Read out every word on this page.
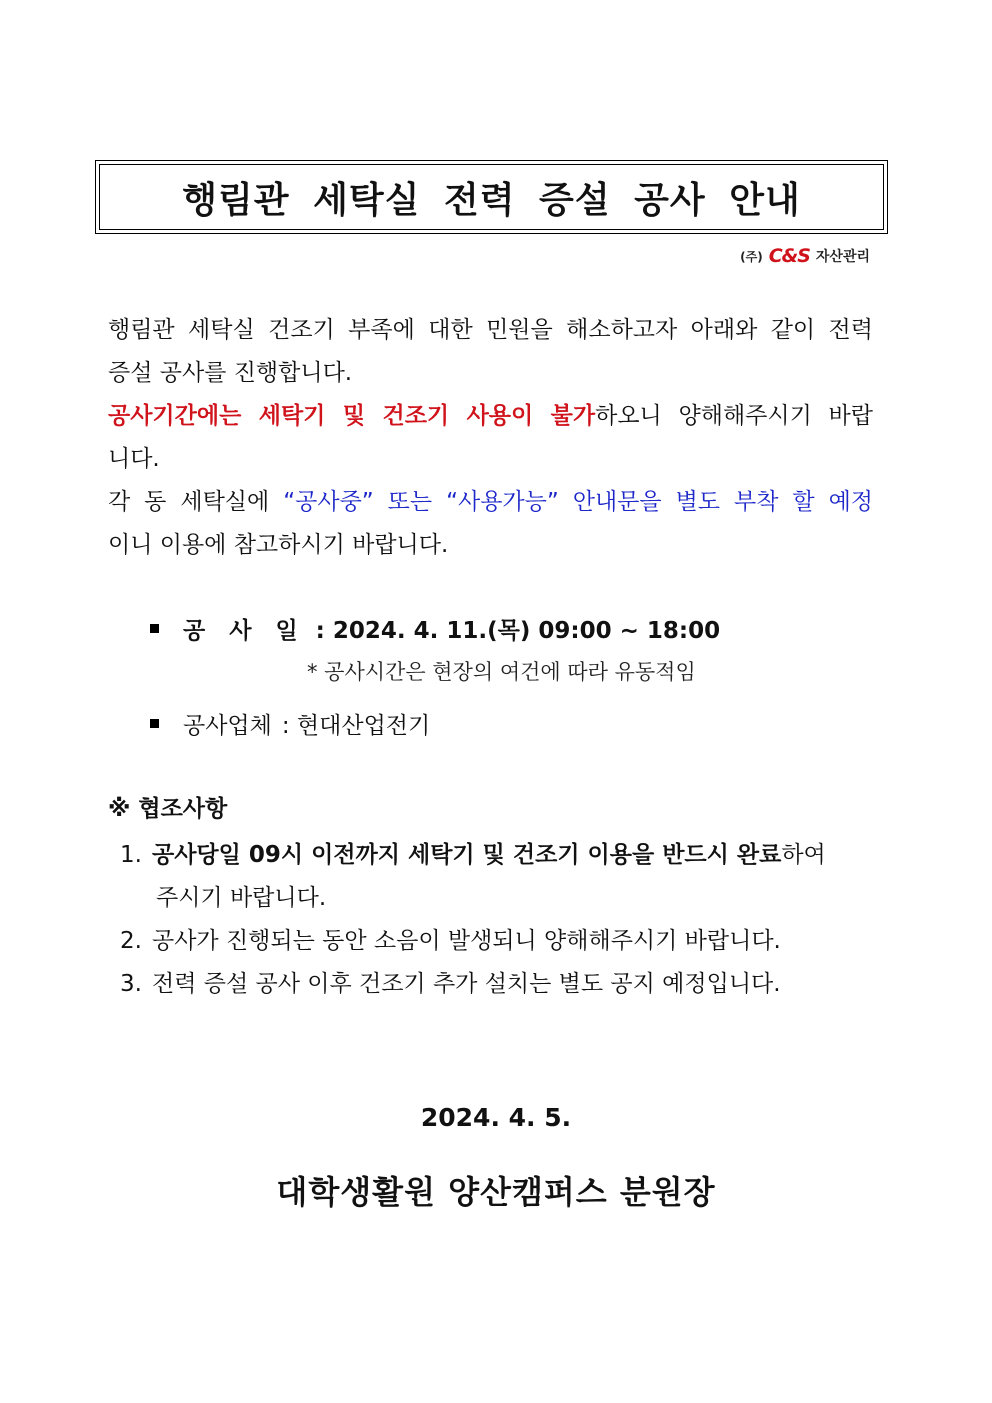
행림관 세탁실 전력 증설 공사 안내
(주) C&S 자산관리
행림관 세탁실 건조기 부족에 대한 민원을 해소하고자 아래와 같이 전력
증설 공사를 진행합니다.
공사기간에는 세탁기 및 건조기 사용이 불가하오니 양해해주시기 바랍
니다.
각 동 세탁실에 “공사중” 또는 “사용가능” 안내문을 별도 부착 할 예정
이니 이용에 참고하시기 바랍니다.
공 사 일 : 2024. 4. 11.(목) 09:00 ~ 18:00
* 공사시간은 현장의 여건에 따라 유동적임
공사업체 : 현대산업전기
※ 협조사항
1. 공사당일 09시 이전까지 세탁기 및 건조기 이용을 반드시 완료하여
주시기 바랍니다.
2. 공사가 진행되는 동안 소음이 발생되니 양해해주시기 바랍니다.
3. 전력 증설 공사 이후 건조기 추가 설치는 별도 공지 예정입니다.
2024. 4. 5.
대학생활원 양산캠퍼스 분원장
